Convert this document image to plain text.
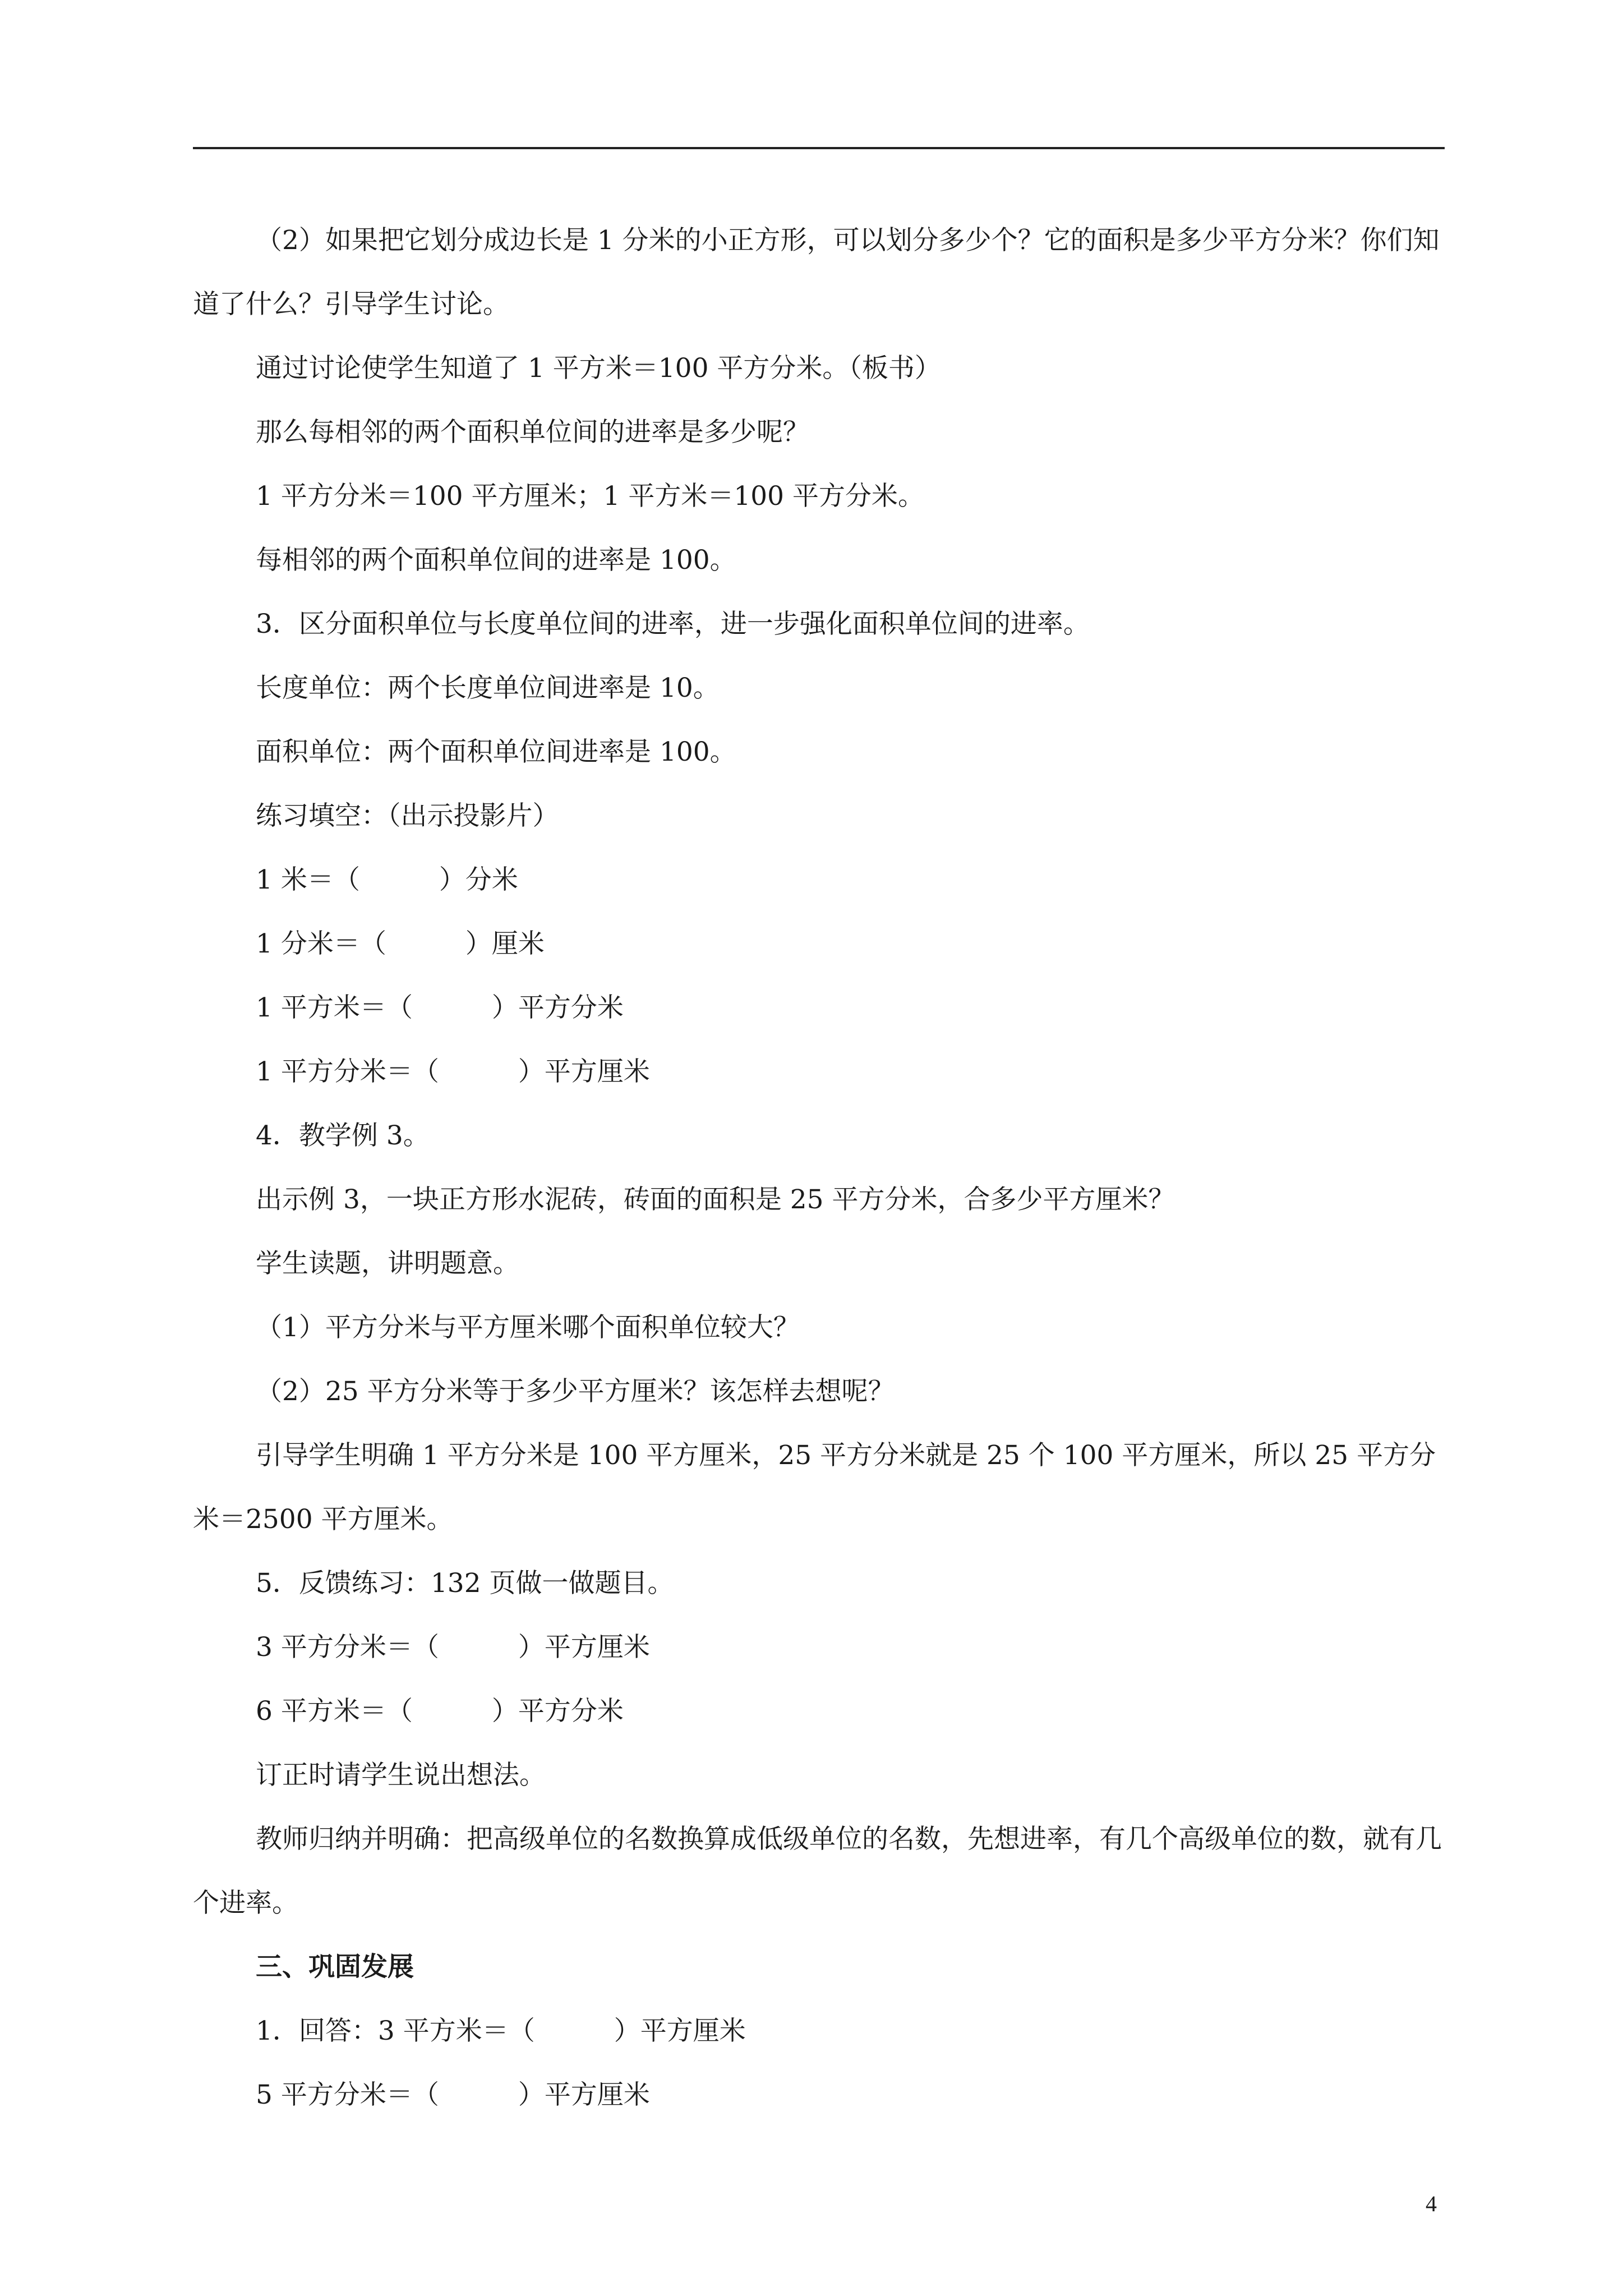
（2）如果把它划分成边长是 1 分米的小正方形，可以划分多少个？它的面积是多少平方分米？你们知道了什么？引导学生讨论。

通过讨论使学生知道了 1 平方米＝100 平方分米。（板书）

那么每相邻的两个面积单位间的进率是多少呢？

1 平方分米＝100 平方厘米；1 平方米＝100 平方分米。

每相邻的两个面积单位间的进率是 100。

3．区分面积单位与长度单位间的进率，进一步强化面积单位间的进率。

长度单位：两个长度单位间进率是 10。

面积单位：两个面积单位间进率是 100。

练习填空：（出示投影片）

1 米＝（　　　）分米

1 分米＝（　　　）厘米

1 平方米＝（　　　）平方分米

1 平方分米＝（　　　）平方厘米

4．教学例 3。

出示例 3，一块正方形水泥砖，砖面的面积是 25 平方分米，合多少平方厘米？

学生读题，讲明题意。

（1）平方分米与平方厘米哪个面积单位较大？

（2）25 平方分米等于多少平方厘米？该怎样去想呢？

引导学生明确 1 平方分米是 100 平方厘米，25 平方分米就是 25 个 100 平方厘米，所以 25 平方分米＝2500 平方厘米。

5．反馈练习：132 页做一做题目。

3 平方分米＝（　　　）平方厘米

6 平方米＝（　　　）平方分米

订正时请学生说出想法。

教师归纳并明确：把高级单位的名数换算成低级单位的名数，先想进率，有几个高级单位的数，就有几个进率。

三、巩固发展

1．回答：3 平方米＝（　　　）平方厘米

5 平方分米＝（　　　）平方厘米

4
